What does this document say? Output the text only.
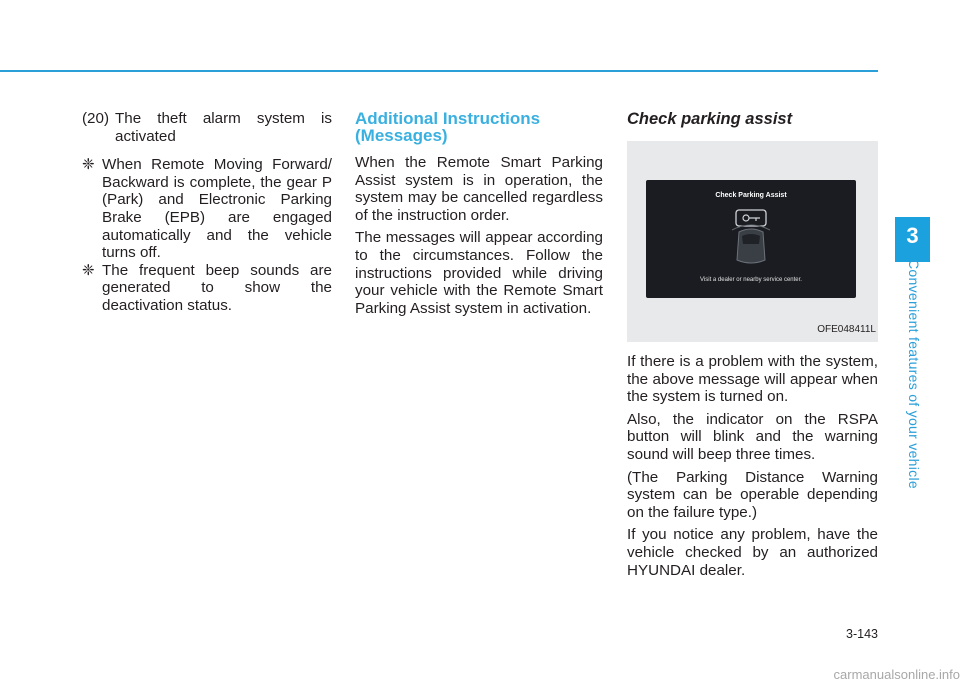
(20) The theft alarm system is activated
❈ When Remote Moving Forward/ Backward is complete, the gear P (Park) and Electronic Parking Brake (EPB) are engaged automatically and the vehicle turns off.
❈ The frequent beep sounds are generated to show the deactivation status.
Additional Instructions (Messages)

When the Remote Smart Parking Assist system is in operation, the system may be cancelled regardless of the instruction order.

The messages will appear according to the circumstances. Follow the instructions provided while driving your vehicle with the Remote Smart Parking Assist system in activation.

Check parking assist
Check Parking Assist
Visit a dealer or nearby service center.
OFE048411L

If there is a problem with the system, the above message will appear when the system is turned on.

Also, the indicator on the RSPA button will blink and the warning sound will beep three times.

(The Parking Distance Warning system can be operable depending on the failure type.)

If you notice any problem, have the vehicle checked by an authorized HYUNDAI dealer.

3
Convenient features of your vehicle
3-143
carmanualsonline.info
